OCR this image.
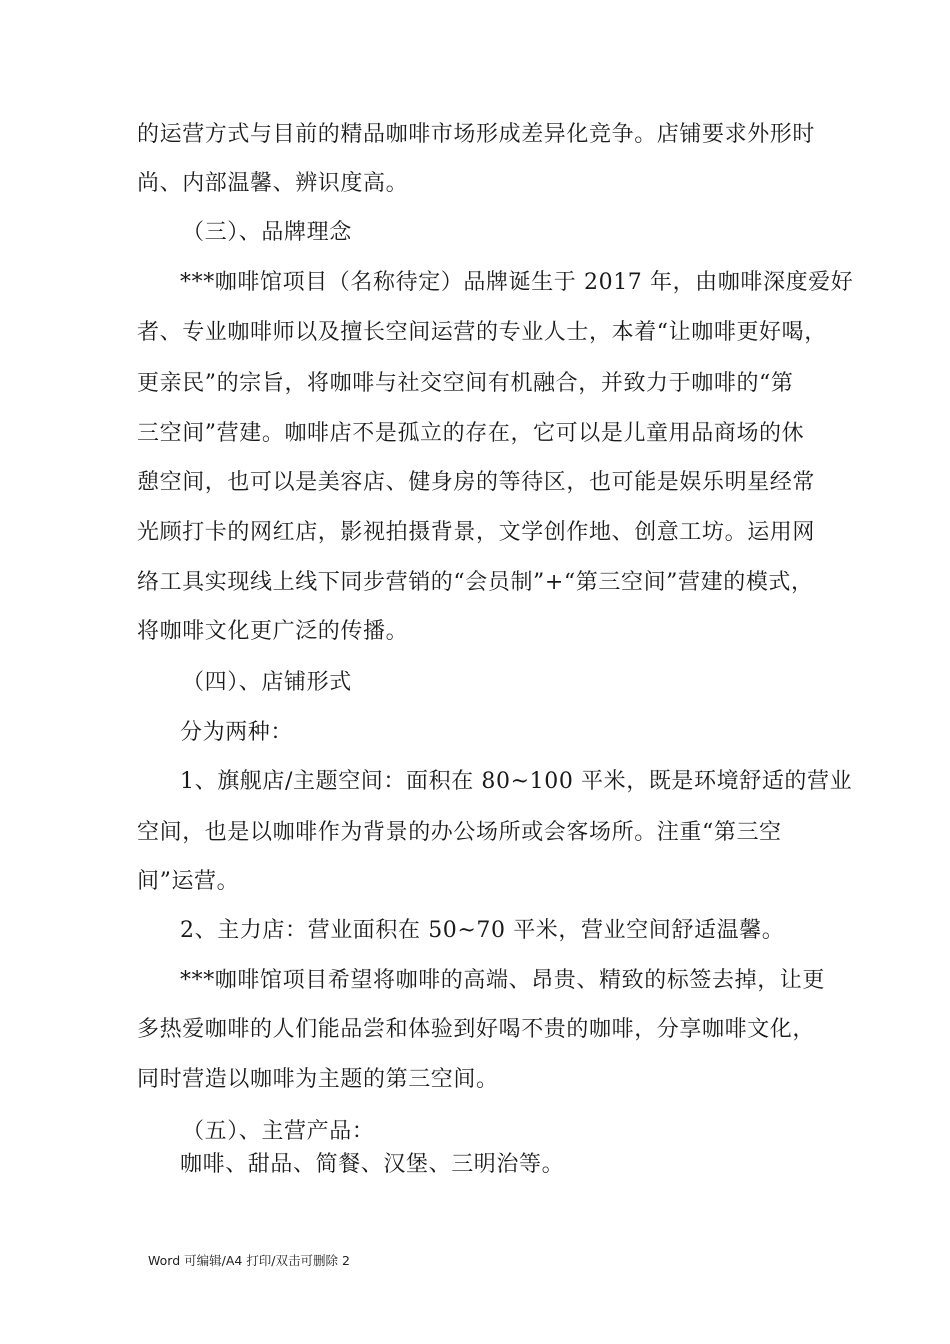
的运营方式与目前的精品咖啡市场形成差异化竞争。店铺要求外形时
尚、内部温馨、辨识度高。
（三）、品牌理念
***咖啡馆项目（名称待定）品牌诞生于 2017 年，由咖啡深度爱好
者、专业咖啡师以及擅长空间运营的专业人士，本着“让咖啡更好喝，
更亲民”的宗旨，将咖啡与社交空间有机融合，并致力于咖啡的“第
三空间”营建。咖啡店不是孤立的存在，它可以是儿童用品商场的休
憩空间，也可以是美容店、健身房的等待区，也可能是娱乐明星经常
光顾打卡的网红店，影视拍摄背景，文学创作地、创意工坊。运用网
络工具实现线上线下同步营销的“会员制”+“第三空间”营建的模式，
将咖啡文化更广泛的传播。
（四）、店铺形式
分为两种：
1、旗舰店/主题空间：面积在 80~100 平米，既是环境舒适的营业
空间，也是以咖啡作为背景的办公场所或会客场所。注重“第三空
间”运营。
2、主力店：营业面积在 50~70 平米，营业空间舒适温馨。
***咖啡馆项目希望将咖啡的高端、昂贵、精致的标签去掉，让更
多热爱咖啡的人们能品尝和体验到好喝不贵的咖啡，分享咖啡文化，
同时营造以咖啡为主题的第三空间。
（五）、主营产品：
咖啡、甜品、简餐、汉堡、三明治等。
Word 可编辑/A4 打印/双击可删除 2
